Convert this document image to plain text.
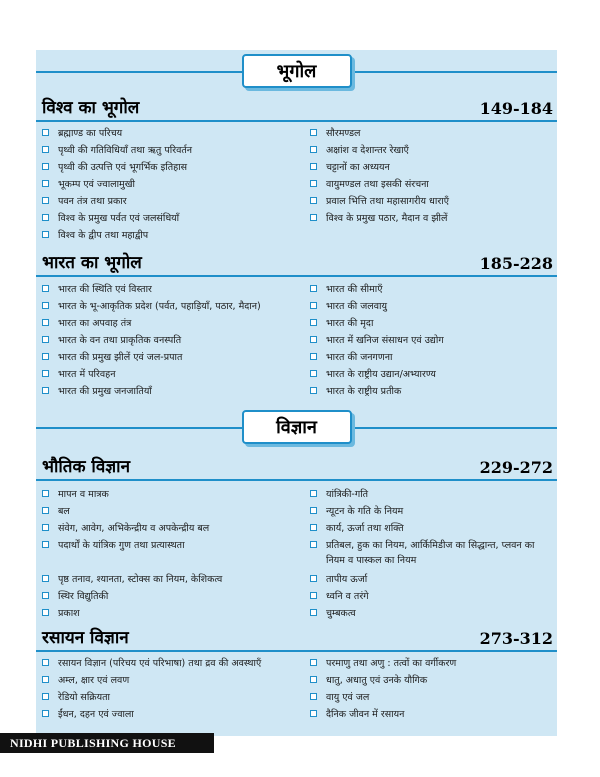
भूगोल
विश्व का भूगोल	149-184
ब्रह्माण्ड का परिचय
पृथ्वी की गतिविधियाँ तथा ऋतु परिवर्तन
पृथ्वी की उत्पत्ति एवं भूगर्भिक इतिहास
भूकम्प एवं ज्वालामुखी
पवन तंत्र तथा प्रकार
विश्व के प्रमुख पर्वत एवं जलसंधियाँ
विश्व के द्वीप तथा महाद्वीप
सौरमण्डल
अक्षांश व देशान्तर रेखाएँ
चट्टानों का अध्ययन
वायुमण्डल तथा इसकी संरचना
प्रवाल भित्ति तथा महासागरीय धाराएँ
विश्व के प्रमुख पठार, मैदान व झीलें
भारत का भूगोल	185-228
भारत की स्थिति एवं विस्तार
भारत के भू-आकृतिक प्रदेश (पर्वत, पहाड़ियाँ, पठार, मैदान)
भारत का अपवाह तंत्र
भारत के वन तथा प्राकृतिक वनस्पति
भारत की प्रमुख झीलें एवं जल-प्रपात
भारत में परिवहन
भारत की प्रमुख जनजातियाँ
भारत की सीमाएँ
भारत की जलवायु
भारत की मृदा
भारत में खनिज संसाधन एवं उद्योग
भारत की जनगणना
भारत के राष्ट्रीय उद्यान/अभ्यारण्य
भारत के राष्ट्रीय प्रतीक
विज्ञान
भौतिक विज्ञान	229-272
मापन व मात्रक
बल
संवेग, आवेग, अभिकेन्द्रीय व अपकेन्द्रीय बल
पदार्थों के यांत्रिक गुण तथा प्रत्यास्थता
पृष्ठ तनाव, श्यानता, स्टोक्स का नियम, केशिकत्व
स्थिर विद्युतिकी
प्रकाश
यांत्रिकी-गति
न्यूटन के गति के नियम
कार्य, ऊर्जा तथा शक्ति
प्रतिबल, हुक का नियम, आर्किमिडीज का सिद्धान्त, प्लवन का नियम व पास्कल का नियम
तापीय ऊर्जा
ध्वनि व तरंगे
चुम्बकत्व
रसायन विज्ञान	273-312
रसायन विज्ञान (परिचय एवं परिभाषा) तथा द्रव की अवस्थाएँ
अम्ल, क्षार एवं लवण
रेडियो सक्रियता
ईंधन, दहन एवं ज्वाला
परमाणु तथा अणु : तत्वों का वर्गीकरण
धातु, अधातु एवं उनके यौगिक
वायु एवं जल
दैनिक जीवन में रसायन
NIDHI PUBLISHING HOUSE
